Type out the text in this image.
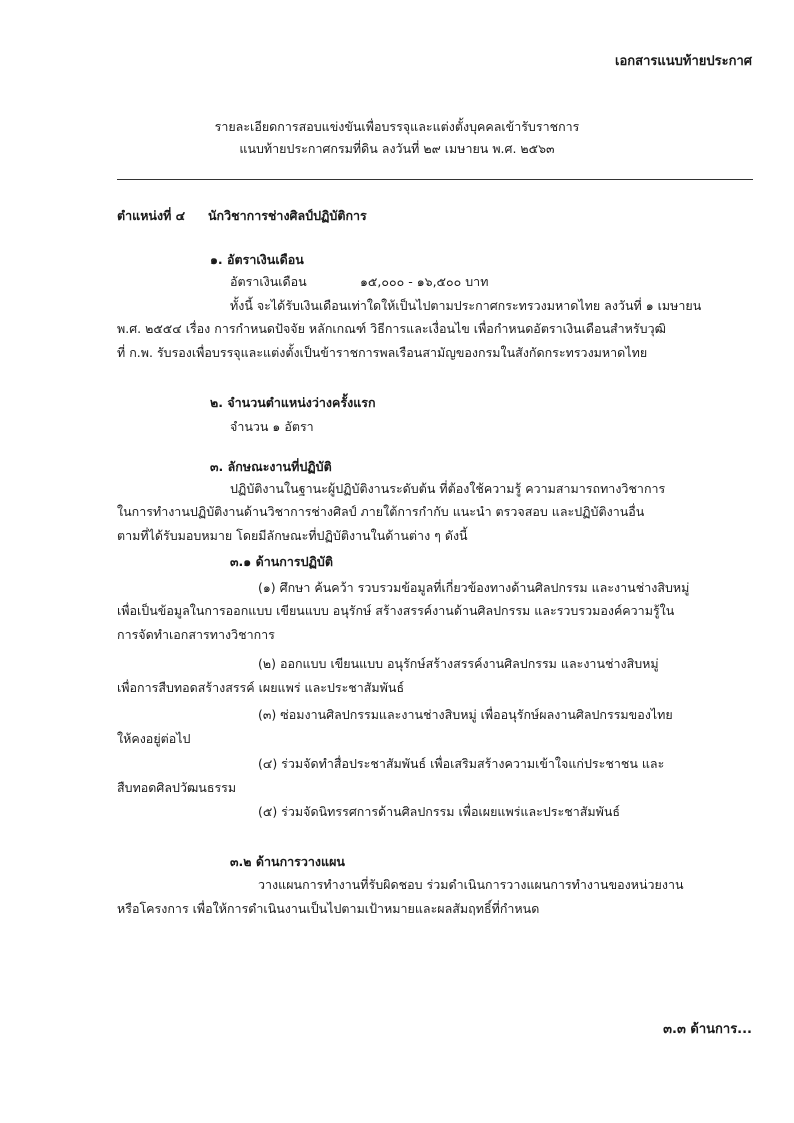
เอกสารแนบท้ายประกาศ
รายละเอียดการสอบแข่งขันเพื่อบรรจุและแต่งตั้งบุคคลเข้ารับราชการ
แนบท้ายประกาศกรมที่ดิน ลงวันที่ ๒๙ เมษายน พ.ศ. ๒๕๖๓
ตำแหน่งที่ ๔ นักวิชาการช่างศิลป์ปฏิบัติการ
๑. อัตราเงินเดือน
อัตราเงินเดือน	๑๕,๐๐๐ - ๑๖,๕๐๐ บาท
ทั้งนี้ จะได้รับเงินเดือนเท่าใดให้เป็นไปตามประกาศกระทรวงมหาดไทย ลงวันที่ ๑ เมษายน
พ.ศ. ๒๕๕๔ เรื่อง การกำหนดปัจจัย หลักเกณฑ์ วิธีการและเงื่อนไข เพื่อกำหนดอัตราเงินเดือนสำหรับวุฒิ
ที่ ก.พ. รับรองเพื่อบรรจุและแต่งตั้งเป็นข้าราชการพลเรือนสามัญของกรมในสังกัดกระทรวงมหาดไทย
๒. จำนวนตำแหน่งว่างครั้งแรก
จำนวน ๑ อัตรา
๓. ลักษณะงานที่ปฏิบัติ
ปฏิบัติงานในฐานะผู้ปฏิบัติงานระดับต้น ที่ต้องใช้ความรู้ ความสามารถทางวิชาการ
ในการทำงานปฏิบัติงานด้านวิชาการช่างศิลป์ ภายใต้การกำกับ แนะนำ ตรวจสอบ และปฏิบัติงานอื่น
ตามที่ได้รับมอบหมาย โดยมีลักษณะที่ปฏิบัติงานในด้านต่าง ๆ ดังนี้
๓.๑ ด้านการปฏิบัติ
(๑) ศึกษา ค้นคว้า รวบรวมข้อมูลที่เกี่ยวข้องทางด้านศิลปกรรม และงานช่างสิบหมู่
เพื่อเป็นข้อมูลในการออกแบบ เขียนแบบ อนุรักษ์ สร้างสรรค์งานด้านศิลปกรรม และรวบรวมองค์ความรู้ใน
การจัดทำเอกสารทางวิชาการ
(๒) ออกแบบ เขียนแบบ อนุรักษ์สร้างสรรค์งานศิลปกรรม และงานช่างสิบหมู่
เพื่อการสืบทอดสร้างสรรค์ เผยแพร่ และประชาสัมพันธ์
(๓) ซ่อมงานศิลปกรรมและงานช่างสิบหมู่ เพื่ออนุรักษ์ผลงานศิลปกรรมของไทย
ให้คงอยู่ต่อไป
(๔) ร่วมจัดทำสื่อประชาสัมพันธ์ เพื่อเสริมสร้างความเข้าใจแก่ประชาชน และ
สืบทอดศิลปวัฒนธรรม
(๕) ร่วมจัดนิทรรศการด้านศิลปกรรม เพื่อเผยแพร่และประชาสัมพันธ์
๓.๒ ด้านการวางแผน
วางแผนการทำงานที่รับผิดชอบ ร่วมดำเนินการวางแผนการทำงานของหน่วยงาน
หรือโครงการ เพื่อให้การดำเนินงานเป็นไปตามเป้าหมายและผลสัมฤทธิ์ที่กำหนด
๓.๓ ด้านการ...
